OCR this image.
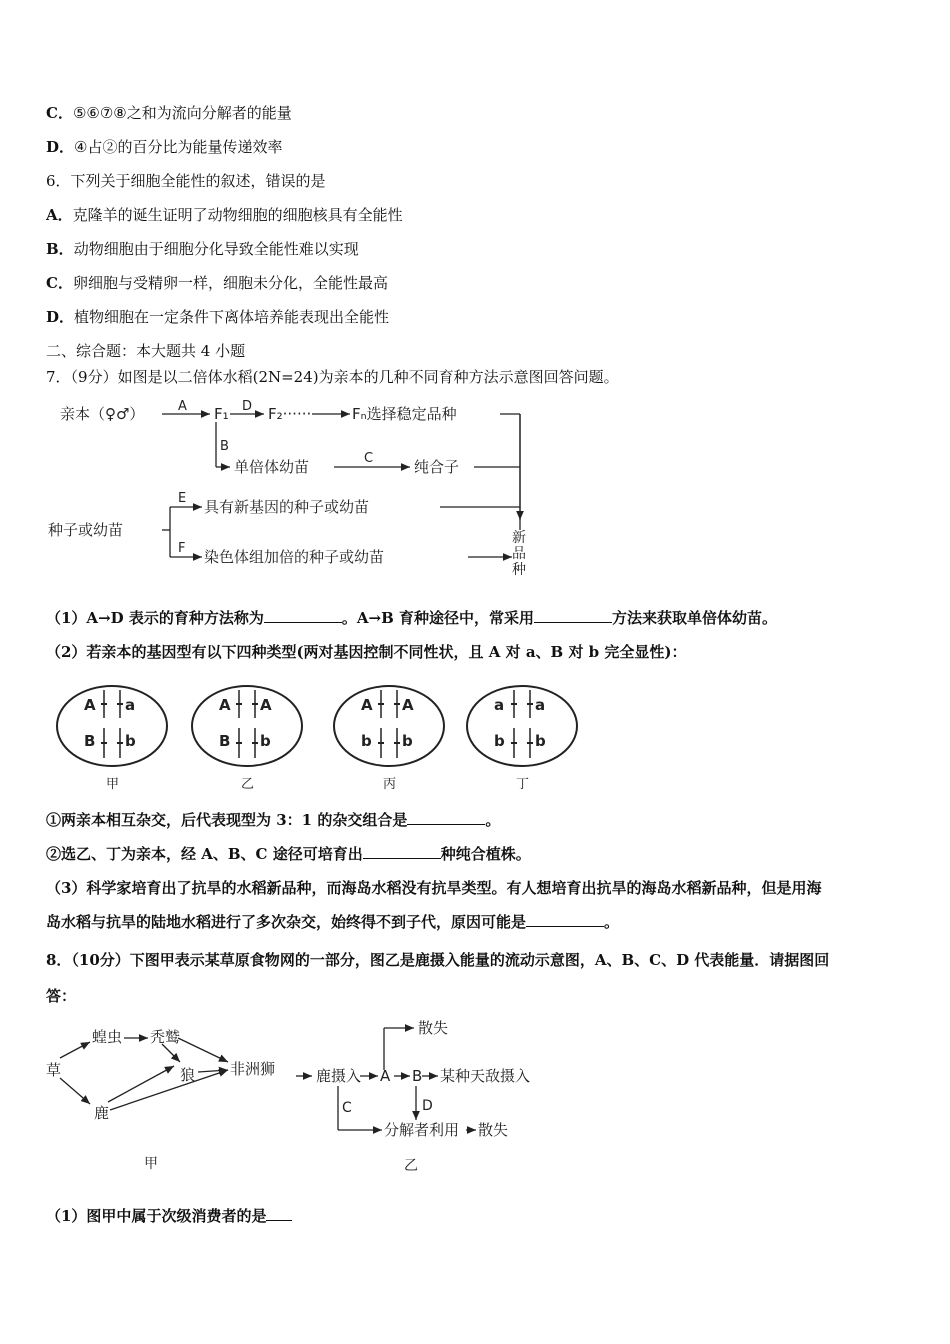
C．⑤⑥⑦⑧之和为流向分解者的能量
D．④占②的百分比为能量传递效率
6．下列关于细胞全能性的叙述，错误的是
A．克隆羊的诞生证明了动物细胞的细胞核具有全能性
B．动物细胞由于细胞分化导致全能性难以实现
C．卵细胞与受精卵一样，细胞未分化，全能性最高
D．植物细胞在一定条件下离体培养能表现出全能性
二、综合题：本大题共 4 小题
7．（9分）如图是以二倍体水稻(2N=24)为亲本的几种不同育种方法示意图回答问题。
亲本（♀♂）	A F₁ D F₂······	Fₙ选择稳定品种
B
单倍体幼苗	C	纯合子
E 具有新基因的种子或幼苗
种子或幼苗
F 染色体组加倍的种子或幼苗
新
品
种
（1）A→D 表示的育种方法称为	。A→B 育种途径中，常采用	方法来获取单倍体幼苗。
（2）若亲本的基因型有以下四种类型(两对基因控制不同性状，且 A 对 a、B 对 b 完全显性)：
A a
B b
甲
A A
B b
乙
A A
b b
丙
a a
b b
丁
①两亲本相互杂交，后代表现型为 3：1 的杂交组合是	。
②选乙、丁为亲本，经 A、B、C 途径可培育出	种纯合植株。
（3）科学家培育出了抗旱的水稻新品种，而海岛水稻没有抗旱类型。有人想培育出抗旱的海岛水稻新品种，但是用海
岛水稻与抗旱的陆地水稻进行了多次杂交，始终得不到子代，原因可能是	。
8．（10分）下图甲表示某草原食物网的一部分，图乙是鹿摄入能量的流动示意图，A、B、C、D 代表能量．请据图回
答：
草
蝗虫 秃鹫
狼 非洲狮
鹿
甲
鹿摄入 A B 某种天敌摄入
散失
C	D
分解者利用 散失
乙
（1）图甲中属于次级消费者的是
